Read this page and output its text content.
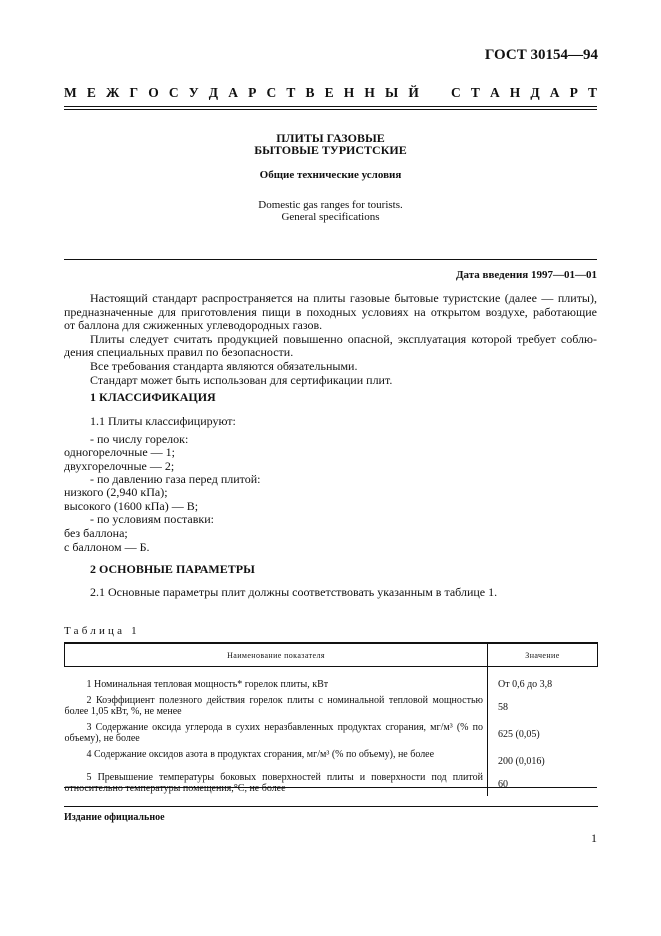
ГОСТ 30154—94
М Е Ж Г О С У Д А Р С Т В Е Н Н Ы Й С Т А Н Д А Р Т
ПЛИТЫ ГАЗОВЫЕ
БЫТОВЫЕ ТУРИСТСКИЕ
Общие технические условия
Domestic gas ranges for tourists.
General specifications
Дата введения 1997—01—01

Настоящий стандарт распространяется на плиты газовые бытовые туристские (далее — плиты),

предназначенные для приготовления пищи в походных условиях на открытом воздухе, работающие

от баллона для сжиженных углеводородных газов.

Плиты следует считать продукцией повышенно опасной, эксплуатация которой требует соблю-

дения специальных правил по безопасности.

Все требования стандарта являются обязательными.

Стандарт может быть использован для сертификации плит.

1 КЛАССИФИКАЦИЯ
1.1 Плиты классифицируют:
- по числу горелок:
одногорелочные — 1;
двухгорелочные — 2;
- по давлению газа перед плитой:
низкого (2,940 кПа);
высокого (1600 кПа) — В;
- по условиям поставки:
без баллона;
с баллоном — Б.
2 ОСНОВНЫЕ ПАРАМЕТРЫ
2.1 Основные параметры плит должны соответствовать указанным в таблице 1.
Таблица 1
Наименование показателя	Значение
1 Номинальная тепловая мощность* горелок плиты, кВт	От 0,6 до 3,8
2 Коэффициент полезного действия горелок плиты с номинальной тепловой мощностью более 1,05 кВт, %, не менее	58
3 Содержание оксида углерода в сухих неразбавленных продуктах сгорания, мг/м³ (% по объему), не более	625 (0,05)
4 Содержание оксидов азота в продуктах сгорания, мг/м³ (% по объему), не более	200 (0,016)
5 Превышение температуры боковых поверхностей плиты и поверхности под плитой относительно температуры помещения,°С, не более	60
Издание официальное
1
